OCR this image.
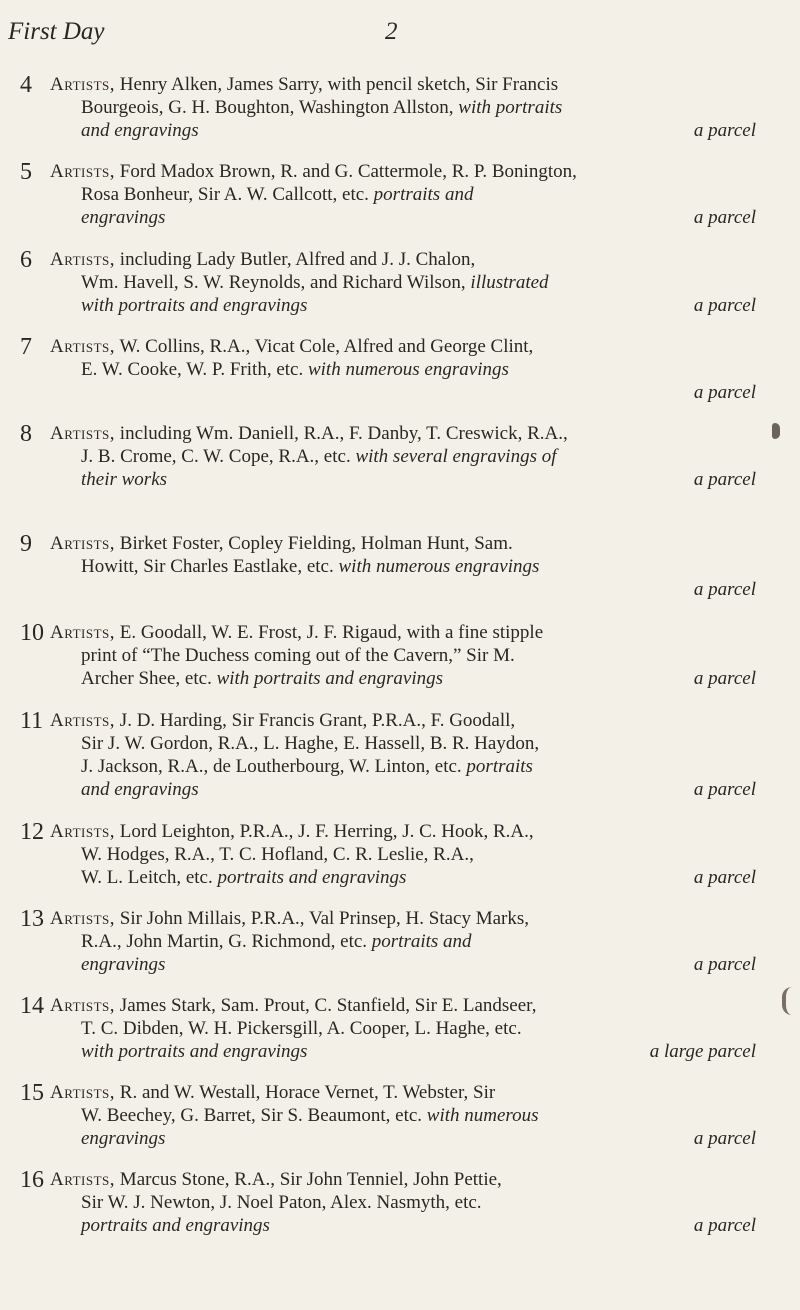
First Day	2
4 Artists, Henry Alken, James Sarry, with pencil sketch, Sir Francis
Bourgeois, G. H. Boughton, Washington Allston, with portraits
and engravings	a parcel
5 Artists, Ford Madox Brown, R. and G. Cattermole, R. P. Bonington,
Rosa Bonheur, Sir A. W. Callcott, etc. portraits and
engravings	a parcel
6 Artists, including Lady Butler, Alfred and J. J. Chalon,
Wm. Havell, S. W. Reynolds, and Richard Wilson, illustrated
with portraits and engravings	a parcel
7 Artists, W. Collins, R.A., Vicat Cole, Alfred and George Clint,
E. W. Cooke, W. P. Frith, etc. with numerous engravings

a parcel
8 Artists, including Wm. Daniell, R.A., F. Danby, T. Creswick, R.A.,
J. B. Crome, C. W. Cope, R.A., etc. with several engravings of
their works	a parcel
9 Artists, Birket Foster, Copley Fielding, Holman Hunt, Sam.
Howitt, Sir Charles Eastlake, etc. with numerous engravings

a parcel
10 Artists, E. Goodall, W. E. Frost, J. F. Rigaud, with a fine stipple
print of “The Duchess coming out of the Cavern,” Sir M.
Archer Shee, etc. with portraits and engravings	a parcel
11 Artists, J. D. Harding, Sir Francis Grant, P.R.A., F. Goodall,
Sir J. W. Gordon, R.A., L. Haghe, E. Hassell, B. R. Haydon,
J. Jackson, R.A., de Loutherbourg, W. Linton, etc. portraits
and engravings	a parcel
12 Artists, Lord Leighton, P.R.A., J. F. Herring, J. C. Hook, R.A.,
W. Hodges, R.A., T. C. Hofland, C. R. Leslie, R.A.,
W. L. Leitch, etc. portraits and engravings	a parcel
13 Artists, Sir John Millais, P.R.A., Val Prinsep, H. Stacy Marks,
R.A., John Martin, G. Richmond, etc. portraits and
engravings	a parcel
14 Artists, James Stark, Sam. Prout, C. Stanfield, Sir E. Landseer,
T. C. Dibden, W. H. Pickersgill, A. Cooper, L. Haghe, etc.
with portraits and engravings	a large parcel
15 Artists, R. and W. Westall, Horace Vernet, T. Webster, Sir
W. Beechey, G. Barret, Sir S. Beaumont, etc. with numerous
engravings	a parcel
16 Artists, Marcus Stone, R.A., Sir John Tenniel, John Pettie,
Sir W. J. Newton, J. Noel Paton, Alex. Nasmyth, etc.
portraits and engravings	a parcel
